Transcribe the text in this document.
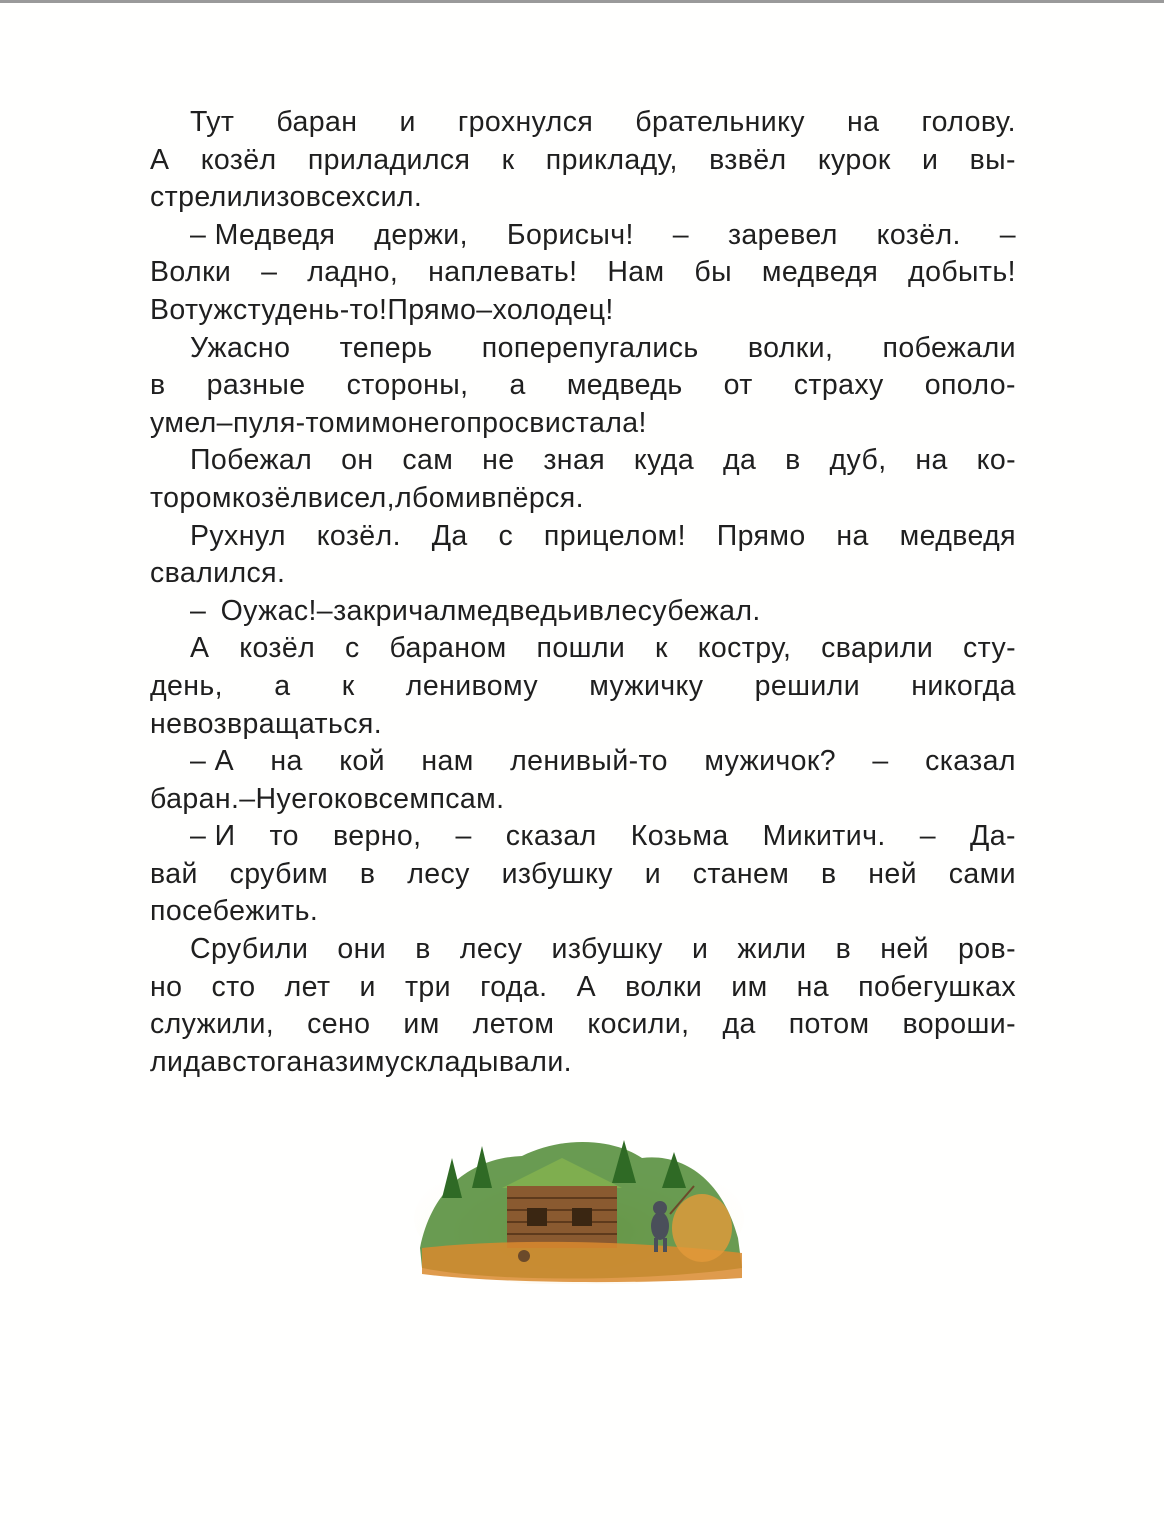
Тут баран и грохнулся брательнику на голову.
А козёл приладился к прикладу, взвёл курок и вы-
стрелил изо всех сил.
– Медведя держи, Борисыч! – заревел козёл. –
Волки – ладно, наплевать! Нам бы медведя добыть!
Вот уж студень-то! Прямо – холодец!
Ужасно теперь поперепугались волки, побежали
в разные стороны, а медведь от страху ополо-
умел – пуля-то мимо него просвистала!
Побежал он сам не зная куда да в дуб, на ко-
тором козёл висел, лбом и впёрся.
Рухнул козёл. Да с прицелом! Прямо на медведя
свалился.
– О ужас! – закричал медведь и в лес убежал.
А козёл с бараном пошли к костру, сварили сту-
день, а к ленивому мужичку решили никогда
не возвращаться.
– А на кой нам ленивый-то мужичок? – сказал
баран. – Ну его ко всем псам.
– И то верно, – сказал Козьма Микитич. – Да-
вай срубим в лесу избушку и станем в ней сами
по себе жить.
Срубили они в лесу избушку и жили в ней ров-
но сто лет и три года. А волки им на побегушках
служили, сено им летом косили, да потом вороши-
ли да в стога на зиму складывали.
